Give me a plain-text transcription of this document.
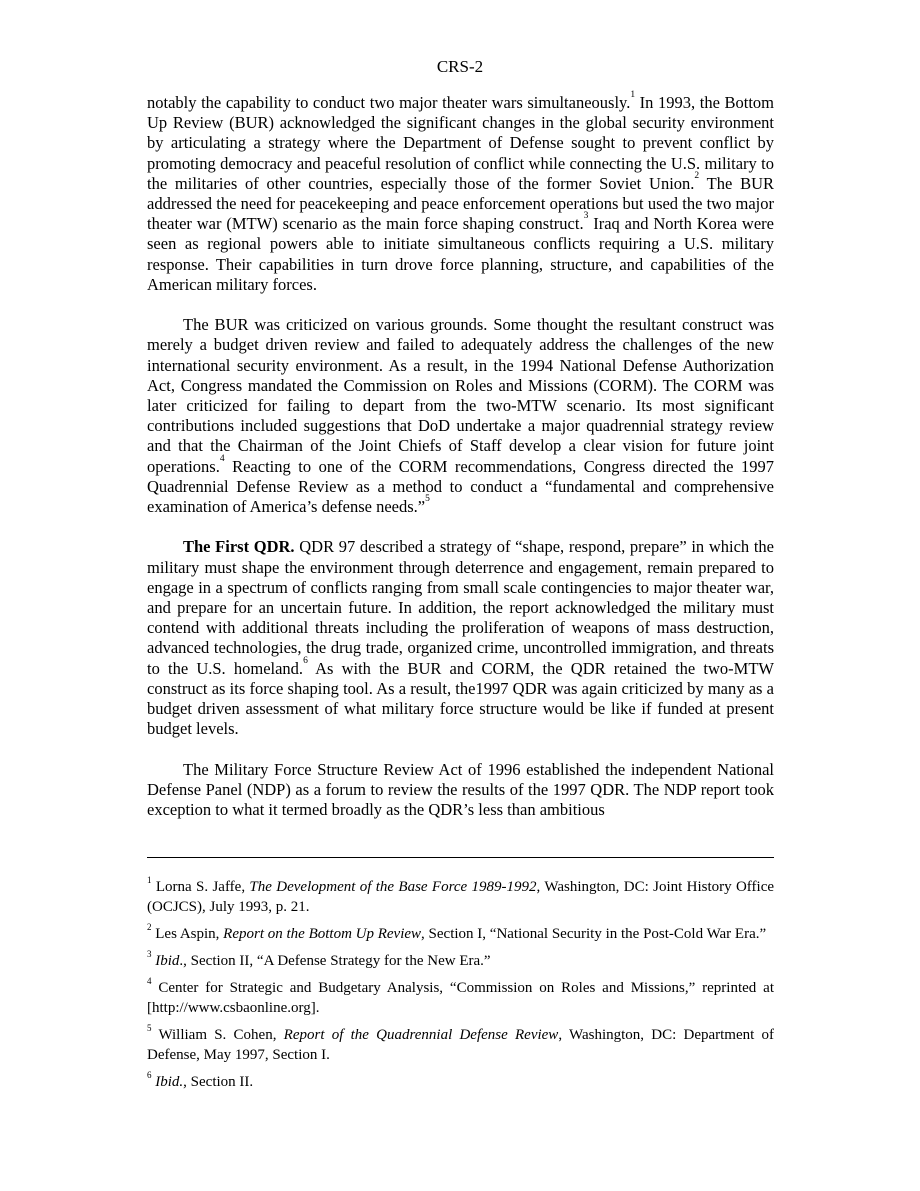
CRS-2

notably the capability to conduct two major theater wars simultaneously.$^1$ In 1993, the Bottom Up Review (BUR) acknowledged the significant changes in the global security environment by articulating a strategy where the Department of Defense sought to prevent conflict by promoting democracy and peaceful resolution of conflict while connecting the U.S. military to the militaries of other countries, especially those of the former Soviet Union.$^2$ The BUR addressed the need for peacekeeping and peace enforcement operations but used the two major theater war (MTW) scenario as the main force shaping construct.$^3$ Iraq and North Korea were seen as regional powers able to initiate simultaneous conflicts requiring a U.S. military response. Their capabilities in turn drove force planning, structure, and capabilities of the American military forces.

The BUR was criticized on various grounds. Some thought the resultant construct was merely a budget driven review and failed to adequately address the challenges of the new international security environment. As a result, in the 1994 National Defense Authorization Act, Congress mandated the Commission on Roles and Missions (CORM). The CORM was later criticized for failing to depart from the two-MTW scenario. Its most significant contributions included suggestions that DoD undertake a major quadrennial strategy review and that the Chairman of the Joint Chiefs of Staff develop a clear vision for future joint operations.$^4$ Reacting to one of the CORM recommendations, Congress directed the 1997 Quadrennial Defense Review as a method to conduct a “fundamental and comprehensive examination of America’s defense needs.”$^5$

The First QDR. QDR 97 described a strategy of “shape, respond, prepare” in which the military must shape the environment through deterrence and engagement, remain prepared to engage in a spectrum of conflicts ranging from small scale contingencies to major theater war, and prepare for an uncertain future. In addition, the report acknowledged the military must contend with additional threats including the proliferation of weapons of mass destruction, advanced technologies, the drug trade, organized crime, uncontrolled immigration, and threats to the U.S. homeland.$^6$ As with the BUR and CORM, the QDR retained the two-MTW construct as its force shaping tool. As a result, the1997 QDR was again criticized by many as a budget driven assessment of what military force structure would be like if funded at present budget levels.

The Military Force Structure Review Act of 1996 established the independent National Defense Panel (NDP) as a forum to review the results of the 1997 QDR. The NDP report took exception to what it termed broadly as the QDR’s less than ambitious

$^1$ Lorna S. Jaffe, The Development of the Base Force 1989-1992, Washington, DC: Joint History Office (OCJCS), July 1993, p. 21.

$^2$ Les Aspin, Report on the Bottom Up Review, Section I, “National Security in the Post-Cold War Era.”

$^3$ Ibid., Section II, “A Defense Strategy for the New Era.”

$^4$ Center for Strategic and Budgetary Analysis, “Commission on Roles and Missions,” reprinted at [http://www.csbaonline.org].

$^5$ William S. Cohen, Report of the Quadrennial Defense Review, Washington, DC: Department of Defense, May 1997, Section I.

$^6$ Ibid., Section II.
